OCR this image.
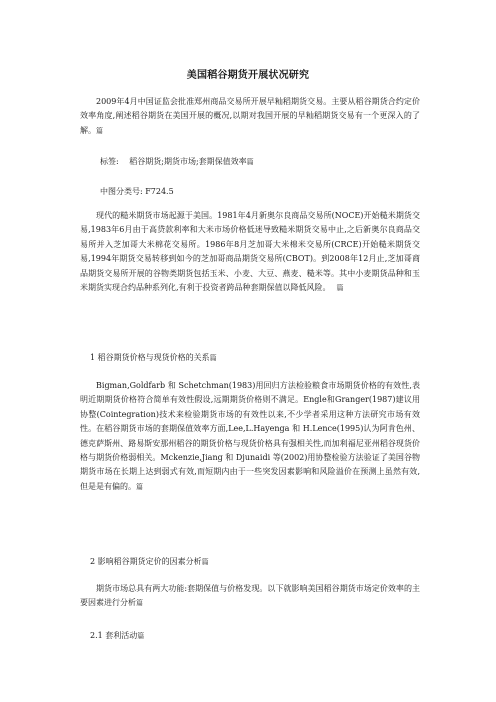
美国稻谷期货开展状况研究

2009年4月中国证监会批准郑州商品交易所开展早籼稻期货交易。主要从稻谷期货合约定价效率角度,阐述稻谷期货在美国开展的概况,以期对我国开展的早籼稻期货交易有一个更深入的了解。篇

标签: 稻谷期货;期货市场;套期保值效率篇
中图分类号: F724.5

现代的糙米期货市场起源于美国。1981年4月新奥尔良商品交易所(NOCE)开始糙米期货交易,1983年6月由于高贷款利率和大米市场价格低迷导致糙米期货交易中止,之后新奥尔良商品交易所并入芝加哥大米棉花交易所。1986年8月芝加哥大米棉米交易所(CRCE)开始糙米期货交易,1994年期货交易转移到如今的芝加哥商品期货交易所(CBOT)。到2008年12月止,芝加哥商品期货交易所开展的谷物类期货包括玉米、小麦、大豆、燕麦、糙米等。其中小麦期货品种和玉米期货实现合约品种系列化,有利于投资者跨品种套期保值以降低风险。 篇

1 稻谷期货价格与现货价格的关系篇

Bigman,Goldfarb 和 Schetchman(1983)用回归方法检验粮食市场期货价格的有效性,表明近期期货价格符合简单有效性假设,远期期货价格则不满足。Engle和Granger(1987)建议用协整(Cointegration)技术来检验期货市场的有效性以来,不少学者采用这种方法研究市场有效性。在稻谷期货市场的套期保值效率方面,Lee,L.Hayenga 和 H.Lence(1995)认为阿肯色州、德克萨斯州、路易斯安那州稻谷的期货价格与现货价格具有强相关性,而加利福尼亚州稻谷现货价格与期货价格弱相关。Mckenzie,Jiang 和 Djunaidi 等(2002)用协整检验方法验证了美国谷物期货市场在长期上达到弱式有效,而短期内由于一些突发因素影响和风险溢价在预测上虽然有效,但是是有偏的。篇

2 影响稻谷期货定价的因素分析篇

期货市场总具有两大功能:套期保值与价格发现。以下就影响美国稻谷期货市场定价效率的主要因素进行分析篇

2.1 套利活动篇
